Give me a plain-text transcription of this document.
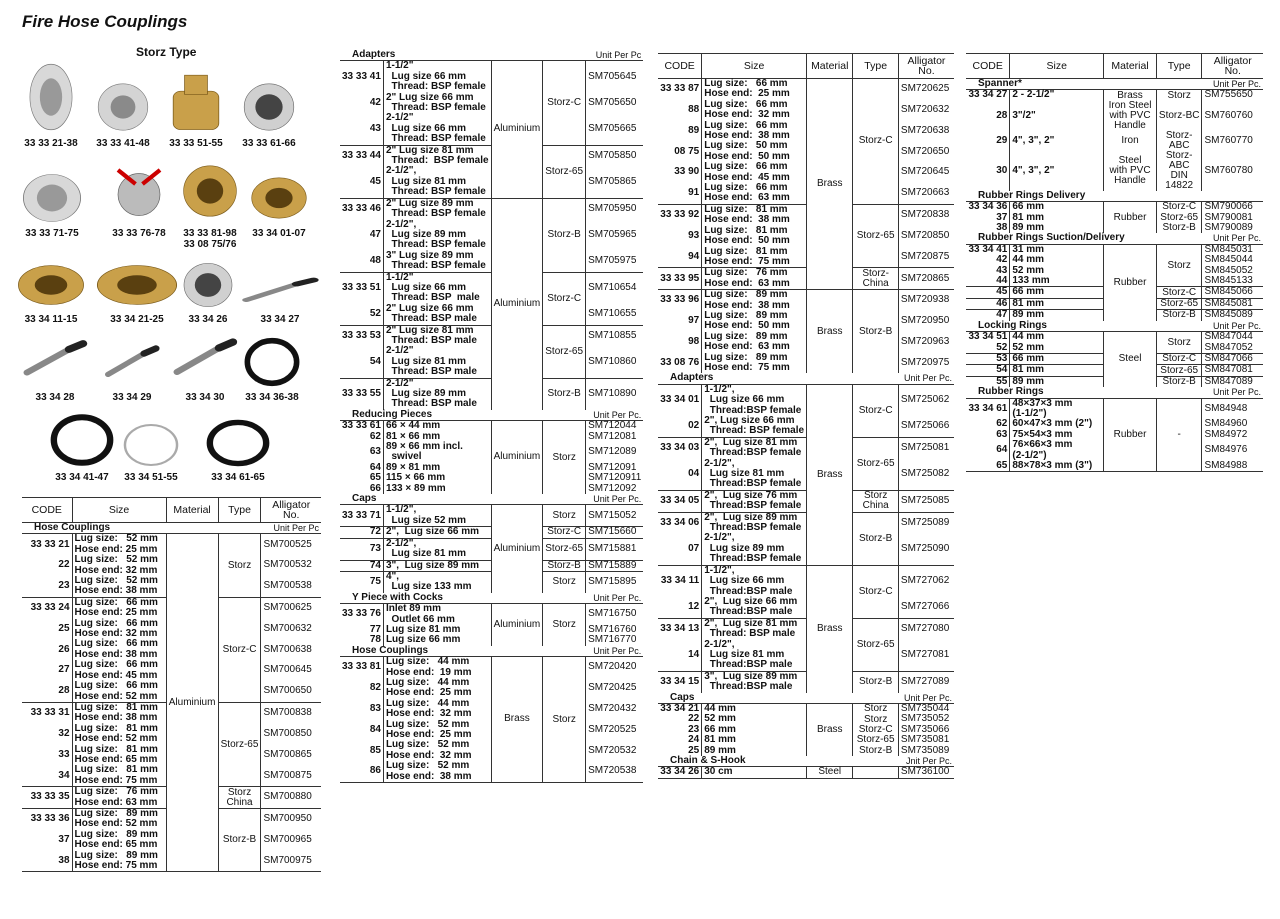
Fire Hose Couplings
Storz Type
33 33 21-38 33 33 41-48 33 33 51-55 33 33 61-66
33 33 71-75	33 33 76-78 33 33 81-98
33 08 75/76
33 34 01-07
33 34 11-15	33 34 21-25 33 34 26	33 34 27
33 34 28	33 34 29	33 34 30 33 34 36-38
33 34 41-47 33 34 51-55	33 34 61-65
CODE	Size	Material	Type	Alligator
No.
Hose Couplings				Unit Per Pc
33 33 21	Lug size:   52 mm
Hose end: 25 mm	Aluminium	Storz	SM700525
22	Lug size:   52 mm
Hose end: 32 mm			SM700532
23	Lug size:   52 mm
Hose end: 38 mm			SM700538
33 33 24	Lug size:   66 mm
Hose end: 25 mm		Storz-C	SM700625
25	Lug size:   66 mm
Hose end: 32 mm			SM700632
26	Lug size:   66 mm
Hose end: 38 mm			SM700638
27	Lug size:   66 mm
Hose end: 45 mm			SM700645
28	Lug size:   66 mm
Hose end: 52 mm			SM700650
33 33 31	Lug size:   81 mm
Hose end: 38 mm		Storz-65	SM700838
32	Lug size:   81 mm
Hose end: 52 mm			SM700850
33	Lug size:   81 mm
Hose end: 65 mm			SM700865
34	Lug size:   81 mm
Hose end: 75 mm			SM700875
33 33 35	Lug size:   76 mm
Hose end: 63 mm		Storz
China	SM700880
33 33 36	Lug size:   89 mm
Hose end: 52 mm		Storz-B	SM700950
37	Lug size:   89 mm
Hose end: 65 mm			SM700965
38	Lug size:   89 mm
Hose end: 75 mm			SM700975

Adapters				Unit Per Pc
33 33 41	1-1/2"
Lug size 66 mm
Thread: BSP female	Aluminium	Storz-C	SM705645
42	2" Lug size 66 mm
Thread: BSP female			SM705650
43	2-1/2"
Lug size 66 mm
Thread: BSP female			SM705665
33 33 44	2" Lug size 81 mm
Thread:  BSP female		Storz-65	SM705850
45	2-1/2",
Lug size 81 mm
Thread: BSP female			SM705865
33 33 46	2" Lug size 89 mm
Thread: BSP female	Aluminium	Storz-B	SM705950
47	2-1/2",
Lug size 89 mm
Thread: BSP female			SM705965
48	3" Lug size 89 mm
Thread: BSP female			SM705975
33 33 51	1-1/2"
Lug size 66 mm
Thread: BSP  male		Storz-C	SM710654
52	2" Lug size 66 mm
Thread: BSP male			SM710655
33 33 53	2" Lug size 81 mm
Thread: BSP male		Storz-65	SM710855
54	2-1/2"
Lug size 81 mm
Thread: BSP male			SM710860
33 33 55	2-1/2"
Lug size 89 mm
Thread: BSP male		Storz-B	SM710890
Reducing Pieces				Unit Per Pc.
33 33 61	66 × 44 mm	Aluminium	Storz	SM712044
62	81 × 66 mm			SM712081
63	89 × 66 mm incl.
swivel			SM712089
64	89 × 81 mm			SM712091
65	115 × 66 mm			SM7120911
66	133 × 89 mm			SM712092
Caps				Unit Per Pc.
33 33 71	1-1/2",
Lug size 52 mm	Aluminium	Storz	SM715052
72	2",  Lug size 66 mm		Storz-C	SM715660
73	2-1/2",
Lug size 81 mm		Storz-65	SM715881
74	3",  Lug size 89 mm		Storz-B	SM715889
75	4",
Lug size 133 mm		Storz	SM715895
Y Piece with Cocks				Unit Per Pc.
33 33 76	Inlet 89 mm
Outlet 66 mm	Aluminium	Storz	SM716750
77	Lug size 81 mm			SM716760
78	Lug size 66 mm			SM716770
Hose Couplings				Unit Per Pc.
33 33 81	Lug size:   44 mm
Hose end:  19 mm	Brass	Storz	SM720420
82	Lug size:   44 mm
Hose end:  25 mm			SM720425
83	Lug size:   44 mm
Hose end:  32 mm			SM720432
84	Lug size:   52 mm
Hose end:  25 mm			SM720525
85	Lug size:   52 mm
Hose end:  32 mm			SM720532
86	Lug size:   52 mm
Hose end:  38 mm			SM720538

CODE	Size	Material	Type	Alligator
No.
33 33 87	Lug size:   66 mm
Hose end:  25 mm	Brass	Storz-C	SM720625
88	Lug size:   66 mm
Hose end:  32 mm			SM720632
89	Lug size:   66 mm
Hose end:  38 mm			SM720638
08 75	Lug size:   50 mm
Hose end:  50 mm			SM720650
33 90	Lug size:   66 mm
Hose end:  45 mm			SM720645
91	Lug size:   66 mm
Hose end:  63 mm			SM720663
33 33 92	Lug size:   81 mm
Hose end:  38 mm		Storz-65	SM720838
93	Lug size:   81 mm
Hose end:  50 mm			SM720850
94	Lug size:   81 mm
Hose end:  75 mm			SM720875
33 33 95	Lug size:   76 mm
Hose end:  63 mm		Storz-
China	SM720865
33 33 96	Lug size:   89 mm
Hose end:  38 mm	Brass	Storz-B	SM720938
97	Lug size:   89 mm
Hose end:  50 mm			SM720950
98	Lug size:   89 mm
Hose end:  63 mm			SM720963
33 08 76	Lug size:   89 mm
Hose end:  75 mm			SM720975
Adapters				Unit Per Pc.
33 34 01	1-1/2",
Lug size 66 mm
Thread:BSP female	Brass	Storz-C	SM725062
02	2", Lug size 66 mm
Thread: BSP female			SM725066
33 34 03	2",  Lug size 81 mm
Thread:BSP female		Storz-65	SM725081
04	2-1/2",
Lug size 81 mm
Thread:BSP female			SM725082
33 34 05	2",  Lug size 76 mm
Thread:BSP female		Storz
China	SM725085
33 34 06	2",  Lug size 89 mm
Thread:BSP female		Storz-B	SM725089
07	2-1/2",
Lug size 89 mm
Thread:BSP female			SM725090
33 34 11	1-1/2",
Lug size 66 mm
Thread:BSP male	Brass	Storz-C	SM727062
12	2",  Lug size 66 mm
Thread:BSP male			SM727066
33 34 13	2",  Lug size 81 mm
Thread: BSP male		Storz-65	SM727080
14	2-1/2",
Lug size 81 mm
Thread:BSP male			SM727081
33 34 15	3",  Lug size 89 mm
Thread:BSP male		Storz-B	SM727089
Caps				Unit Per Pc.
33 34 21	44 mm	Brass	Storz	SM735044
22	52 mm		Storz	SM735052
23	66 mm		Storz-C	SM735066
24	81 mm		Storz-65	SM735081
25	89 mm		Storz-B	SM735089
Chain & S-Hook				Jnit Per Pc.
33 34 26	30 cm	Steel		SM736100

CODE	Size	Material	Type	Alligator
No.
Spanner*				Unit Per Pc.
33 34 27	2 - 2-1/2"	Brass	Storz	SM755650
28	3"/2"	Iron Steel
with PVC
Handle	Storz-BC	SM760760
29	4", 3", 2"	Iron	Storz-
ABC	SM760770
30	4", 3", 2"	Steel
with PVC
Handle	Storz-
ABC
DIN
14822	SM760780
Rubber Rings Delivery				
33 34 36	66 mm	Rubber	Storz-C	SM790066
37	81 mm		Storz-65	SM790081
38	89 mm		Storz-B	SM790089
Rubber Rings Suction/Delivery				Unit Per Pc.
33 34 41	31 mm	Rubber	Storz	SM845031
42	44 mm			SM845044
43	52 mm			SM845052
44	133 mm			SM845133
45	66 mm		Storz-C	SM845066
46	81 mm		Storz-65	SM845081
47	89 mm		Storz-B	SM845089
Locking Rings				Unit Per Pc.
33 34 51	44 mm	Steel	Storz	SM847044
52	52 mm			SM847052
53	66 mm		Storz-C	SM847066
54	81 mm		Storz-65	SM847081
55	89 mm		Storz-B	SM847089
Rubber Rings				Unit Per Pc.
33 34 61	48×37×3 mm
(1-1/2")	Rubber	-	SM84948
62	60×47×3 mm (2")			SM84960
63	75×54×3 mm			SM84972
64	76×66×3 mm
(2-1/2")			SM84976
65	88×78×3 mm (3")			SM84988
